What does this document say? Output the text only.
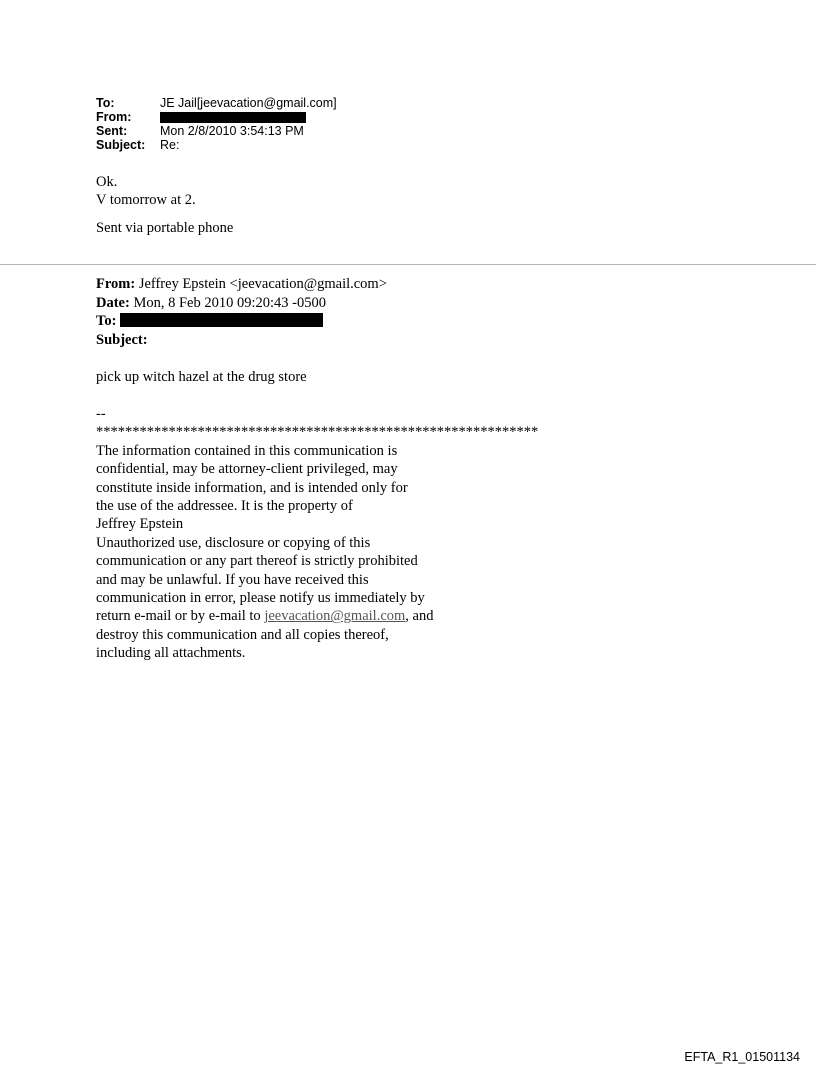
To:	JE Jail[jeevacation@gmail.com]
From:
Sent:	Mon 2/8/2010 3:54:13 PM
Subject:	Re:

Ok.

V tomorrow at 2.

Sent via portable phone

From: Jeffrey Epstein <jeevacation@gmail.com>
Date: Mon, 8 Feb 2010 09:20:43 -0500
To:
Subject:
pick up witch hazel at the drug store
--
*************************************************************
The information contained in this communication is
confidential, may be attorney-client privileged, may
constitute inside information, and is intended only for
the use of the addressee. It is the property of
Jeffrey Epstein
Unauthorized use, disclosure or copying of this
communication or any part thereof is strictly prohibited
and may be unlawful. If you have received this
communication in error, please notify us immediately by
return e-mail or by e-mail to jeevacation@gmail.com, and
destroy this communication and all copies thereof,
including all attachments.
EFTA_R1_01501134
